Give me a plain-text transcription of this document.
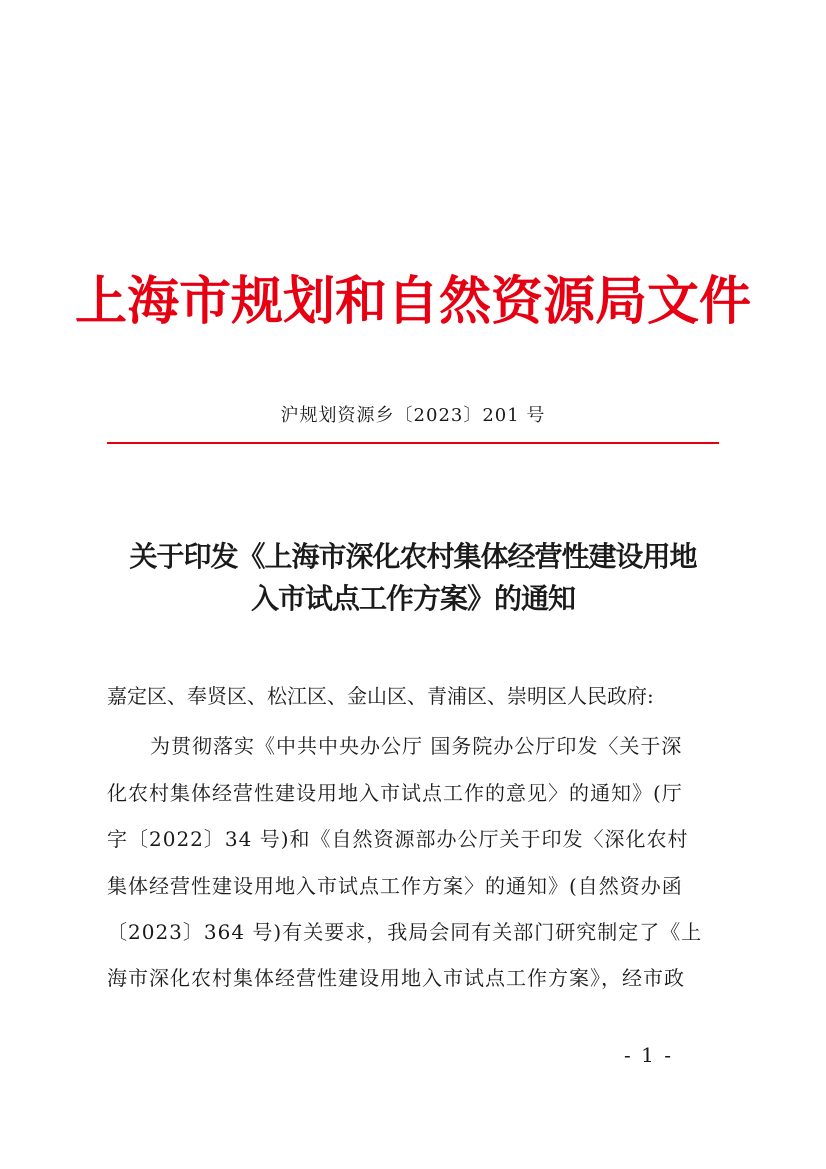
上海市规划和自然资源局文件
沪规划资源乡〔2023〕201 号
关于印发《上海市深化农村集体经营性建设用地
入市试点工作方案》的通知
嘉定区、奉贤区、松江区、金山区、青浦区、崇明区人民政府:
为贯彻落实《中共中央办公厅 国务院办公厅印发〈关于深
化农村集体经营性建设用地入市试点工作的意见〉的通知》(厅
字〔2022〕34 号)和《自然资源部办公厅关于印发〈深化农村
集体经营性建设用地入市试点工作方案〉的通知》(自然资办函
〔2023〕364 号)有关要求，我局会同有关部门研究制定了《上
海市深化农村集体经营性建设用地入市试点工作方案》，经市政
- 1 -
